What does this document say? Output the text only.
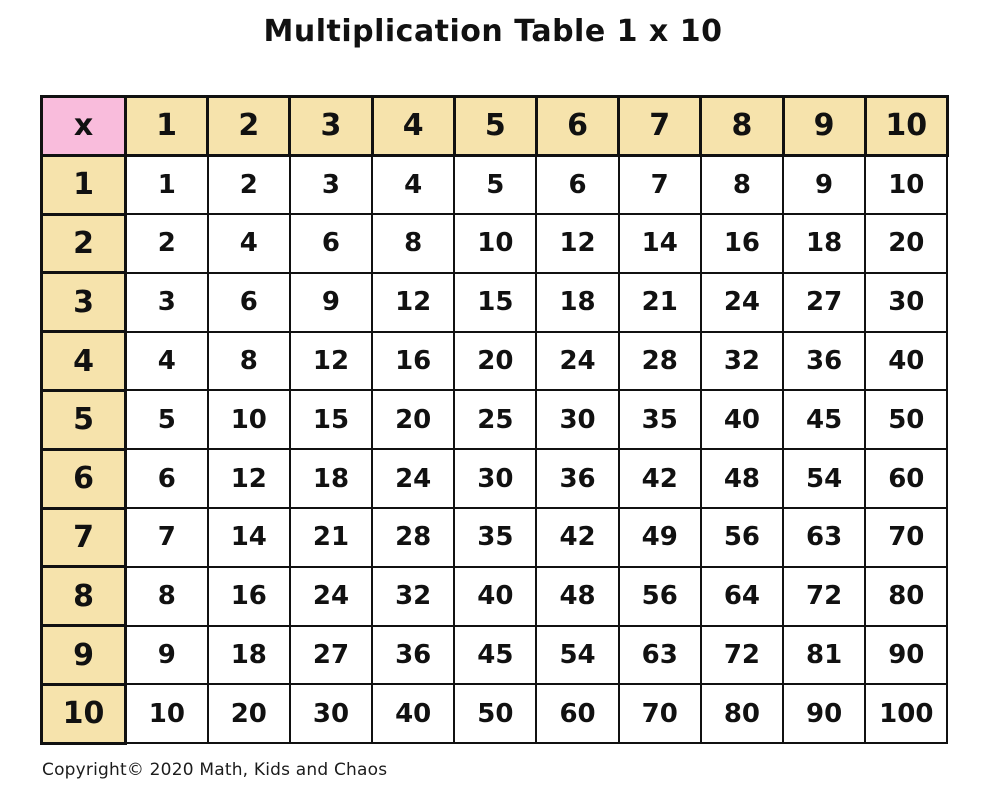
Multiplication Table 1 x 10
x	1	2	3	4	5	6	7	8	9	10
1	1	2	3	4	5	6	7	8	9	10
2	2	4	6	8	10	12	14	16	18	20
3	3	6	9	12	15	18	21	24	27	30
4	4	8	12	16	20	24	28	32	36	40
5	5	10	15	20	25	30	35	40	45	50
6	6	12	18	24	30	36	42	48	54	60
7	7	14	21	28	35	42	49	56	63	70
8	8	16	24	32	40	48	56	64	72	80
9	9	18	27	36	45	54	63	72	81	90
10	10	20	30	40	50	60	70	80	90	100
Copyright© 2020 Math, Kids and Chaos
